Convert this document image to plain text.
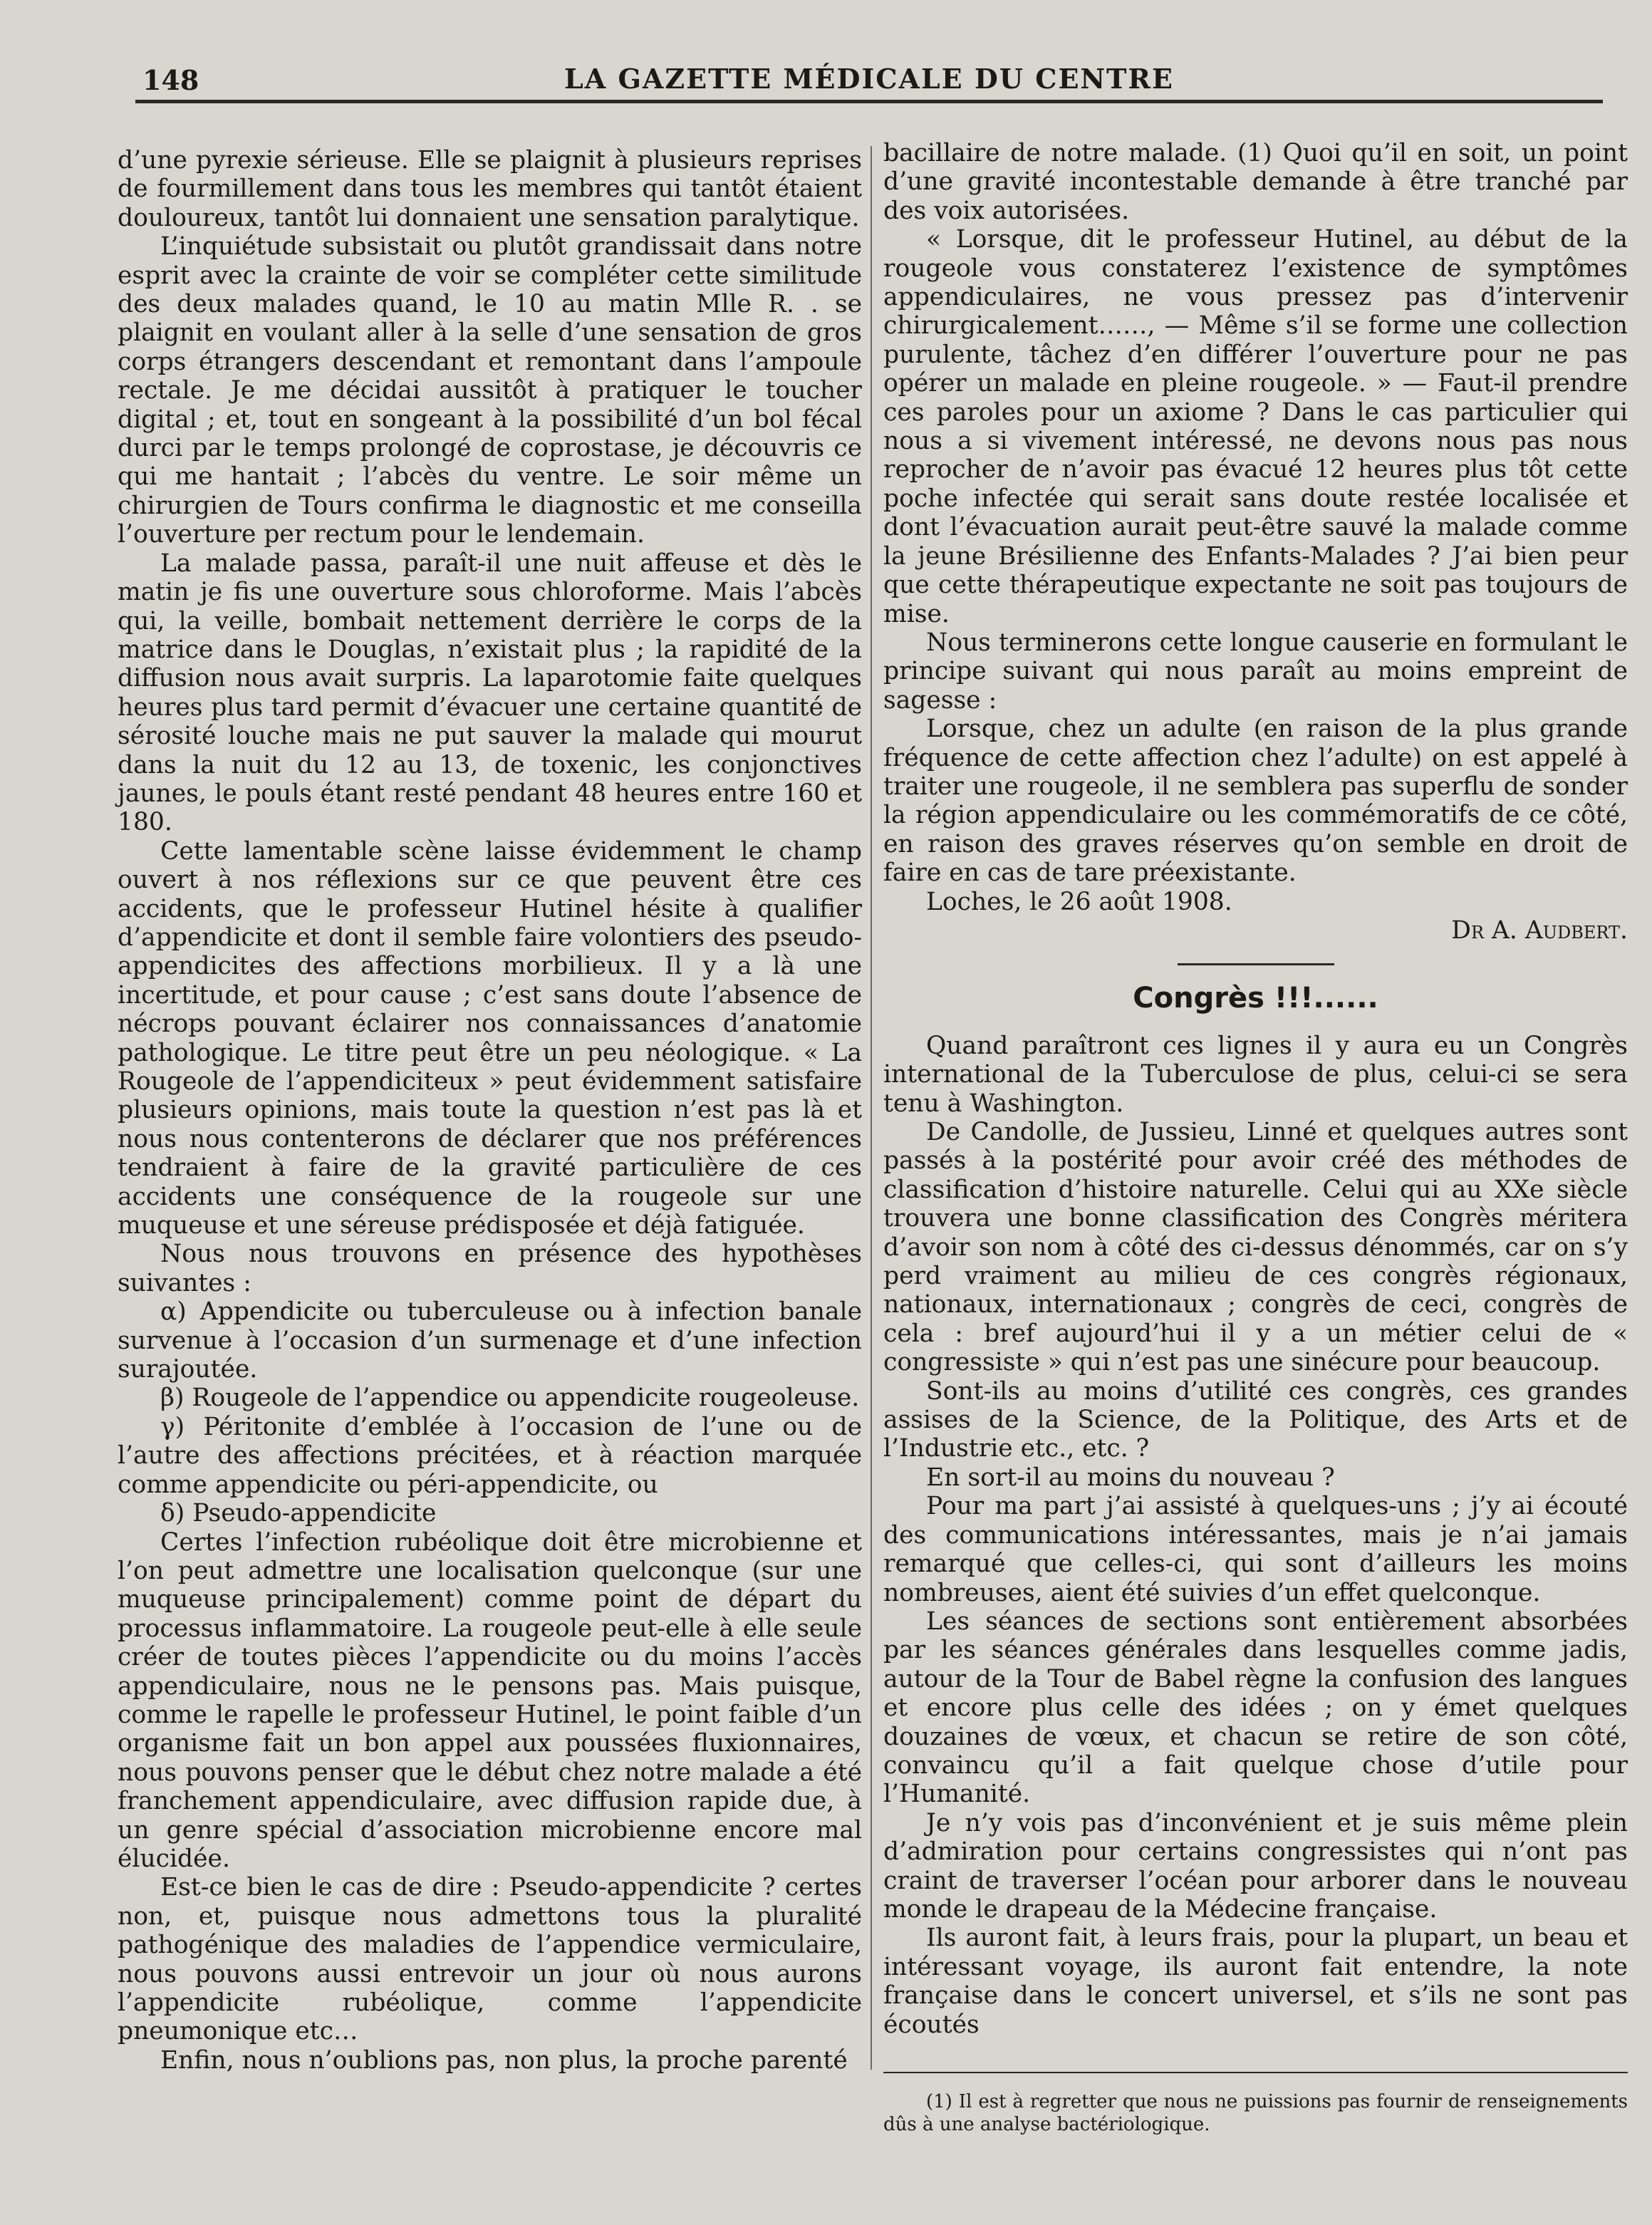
148	LA GAZETTE MÉDICALE DU CENTRE

d’une pyrexie sérieuse. Elle se plaignit à plusieurs reprises de fourmillement dans tous les membres qui tantôt étaient douloureux, tantôt lui donnaient une sensation paralytique.

L’inquiétude subsistait ou plutôt grandissait dans notre esprit avec la crainte de voir se compléter cette similitude des deux malades quand, le 10 au matin Mlle R. . se plaignit en voulant aller à la selle d’une sensation de gros corps étrangers descendant et remontant dans l’ampoule rectale. Je me décidai aussitôt à pratiquer le toucher digital ; et, tout en songeant à la possibilité d’un bol fécal durci par le temps prolongé de coprostase, je découvris ce qui me hantait ; l’abcès du ventre. Le soir même un chirurgien de Tours confirma le diagnostic et me conseilla l’ouverture per rectum pour le lendemain.

La malade passa, paraît-il une nuit affeuse et dès le matin je fis une ouverture sous chloroforme. Mais l’abcès qui, la veille, bombait nettement derrière le corps de la matrice dans le Douglas, n’existait plus ; la rapidité de la diffusion nous avait surpris. La laparotomie faite quelques heures plus tard permit d’évacuer une certaine quantité de sérosité louche mais ne put sauver la malade qui mourut dans la nuit du 12 au 13, de toxenic, les conjonctives jaunes, le pouls étant resté pendant 48 heures entre 160 et 180.

Cette lamentable scène laisse évidemment le champ ouvert à nos réflexions sur ce que peuvent être ces accidents, que le professeur Hutinel hésite à qualifier d’appendicite et dont il semble faire volontiers des pseudo-appendicites des affections morbilieux. Il y a là une incertitude, et pour cause ; c’est sans doute l’absence de nécrops pouvant éclairer nos connaissances d’anatomie pathologique. Le titre peut être un peu néologique. « La Rougeole de l’appendiciteux » peut évidemment satisfaire plusieurs opinions, mais toute la question n’est pas là et nous nous contenterons de déclarer que nos préférences tendraient à faire de la gravité particulière de ces accidents une conséquence de la rougeole sur une muqueuse et une séreuse prédisposée et déjà fatiguée.

Nous nous trouvons en présence des hypothèses suivantes :

α) Appendicite ou tuberculeuse ou à infection banale survenue à l’occasion d’un surmenage et d’une infection surajoutée.

β) Rougeole de l’appendice ou appendicite rougeoleuse.

γ) Péritonite d’emblée à l’occasion de l’une ou de l’autre des affections précitées, et à réaction marquée comme appendicite ou péri-appendicite, ou

δ) Pseudo-appendicite

Certes l’infection rubéolique doit être microbienne et l’on peut admettre une localisation quelconque (sur une muqueuse principalement) comme point de départ du processus inflammatoire. La rougeole peut-elle à elle seule créer de toutes pièces l’appendicite ou du moins l’accès appendiculaire, nous ne le pensons pas. Mais puisque, comme le rapelle le professeur Hutinel, le point faible d’un organisme fait un bon appel aux poussées fluxionnaires, nous pouvons penser que le début chez notre malade a été franchement appendiculaire, avec diffusion rapide due, à un genre spécial d’association microbienne encore mal élucidée.

Est-ce bien le cas de dire : Pseudo-appendicite ? certes non, et, puisque nous admettons tous la pluralité pathogénique des maladies de l’appendice vermiculaire, nous pouvons aussi entrevoir un jour où nous aurons l’appendicite rubéolique, comme l’appendicite pneumonique etc…

Enfin, nous n’oublions pas, non plus, la proche parenté

bacillaire de notre malade. (1) Quoi qu’il en soit, un point d’une gravité incontestable demande à être tranché par des voix autorisées.

« Lorsque, dit le professeur Hutinel, au début de la rougeole vous constaterez l’existence de symptômes appendiculaires, ne vous pressez pas d’intervenir chirurgicalement……, — Même s’il se forme une collection purulente, tâchez d’en différer l’ouverture pour ne pas opérer un malade en pleine rougeole. » — Faut-il prendre ces paroles pour un axiome ? Dans le cas particulier qui nous a si vivement intéressé, ne devons nous pas nous reprocher de n’avoir pas évacué 12 heures plus tôt cette poche infectée qui serait sans doute restée localisée et dont l’évacuation aurait peut-être sauvé la malade comme la jeune Brésilienne des Enfants-Malades ? J’ai bien peur que cette thérapeutique expectante ne soit pas toujours de mise.

Nous terminerons cette longue causerie en formulant le principe suivant qui nous paraît au moins empreint de sagesse :

Lorsque, chez un adulte (en raison de la plus grande fréquence de cette affection chez l’adulte) on est appelé à traiter une rougeole, il ne semblera pas superflu de sonder la région appendiculaire ou les commémoratifs de ce côté, en raison des graves réserves qu’on semble en droit de faire en cas de tare préexistante.

Loches, le 26 août 1908.

Dr A. Audbert.

Congrès !!!......

Quand paraîtront ces lignes il y aura eu un Congrès international de la Tuberculose de plus, celui-ci se sera tenu à Washington.

De Candolle, de Jussieu, Linné et quelques autres sont passés à la postérité pour avoir créé des méthodes de classification d’histoire naturelle. Celui qui au XXe siècle trouvera une bonne classification des Congrès méritera d’avoir son nom à côté des ci-dessus dénommés, car on s’y perd vraiment au milieu de ces congrès régionaux, nationaux, internationaux ; congrès de ceci, congrès de cela : bref aujourd’hui il y a un métier celui de « congressiste » qui n’est pas une sinécure pour beaucoup.

Sont-ils au moins d’utilité ces congrès, ces grandes assises de la Science, de la Politique, des Arts et de l’Industrie etc., etc. ?

En sort-il au moins du nouveau ?

Pour ma part j’ai assisté à quelques-uns ; j’y ai écouté des communications intéressantes, mais je n’ai jamais remarqué que celles-ci, qui sont d’ailleurs les moins nombreuses, aient été suivies d’un effet quelconque.

Les séances de sections sont entièrement absorbées par les séances générales dans lesquelles comme jadis, autour de la Tour de Babel règne la confusion des langues et encore plus celle des idées ; on y émet quelques douzaines de vœux, et chacun se retire de son côté, convaincu qu’il a fait quelque chose d’utile pour l’Humanité.

Je n’y vois pas d’inconvénient et je suis même plein d’admiration pour certains congressistes qui n’ont pas craint de traverser l’océan pour arborer dans le nouveau monde le drapeau de la Médecine française.

Ils auront fait, à leurs frais, pour la plupart, un beau et intéressant voyage, ils auront fait entendre, la note française dans le concert universel, et s’ils ne sont pas écoutés

(1) Il est à regretter que nous ne puissions pas fournir de renseignements dûs à une analyse bactériologique.
